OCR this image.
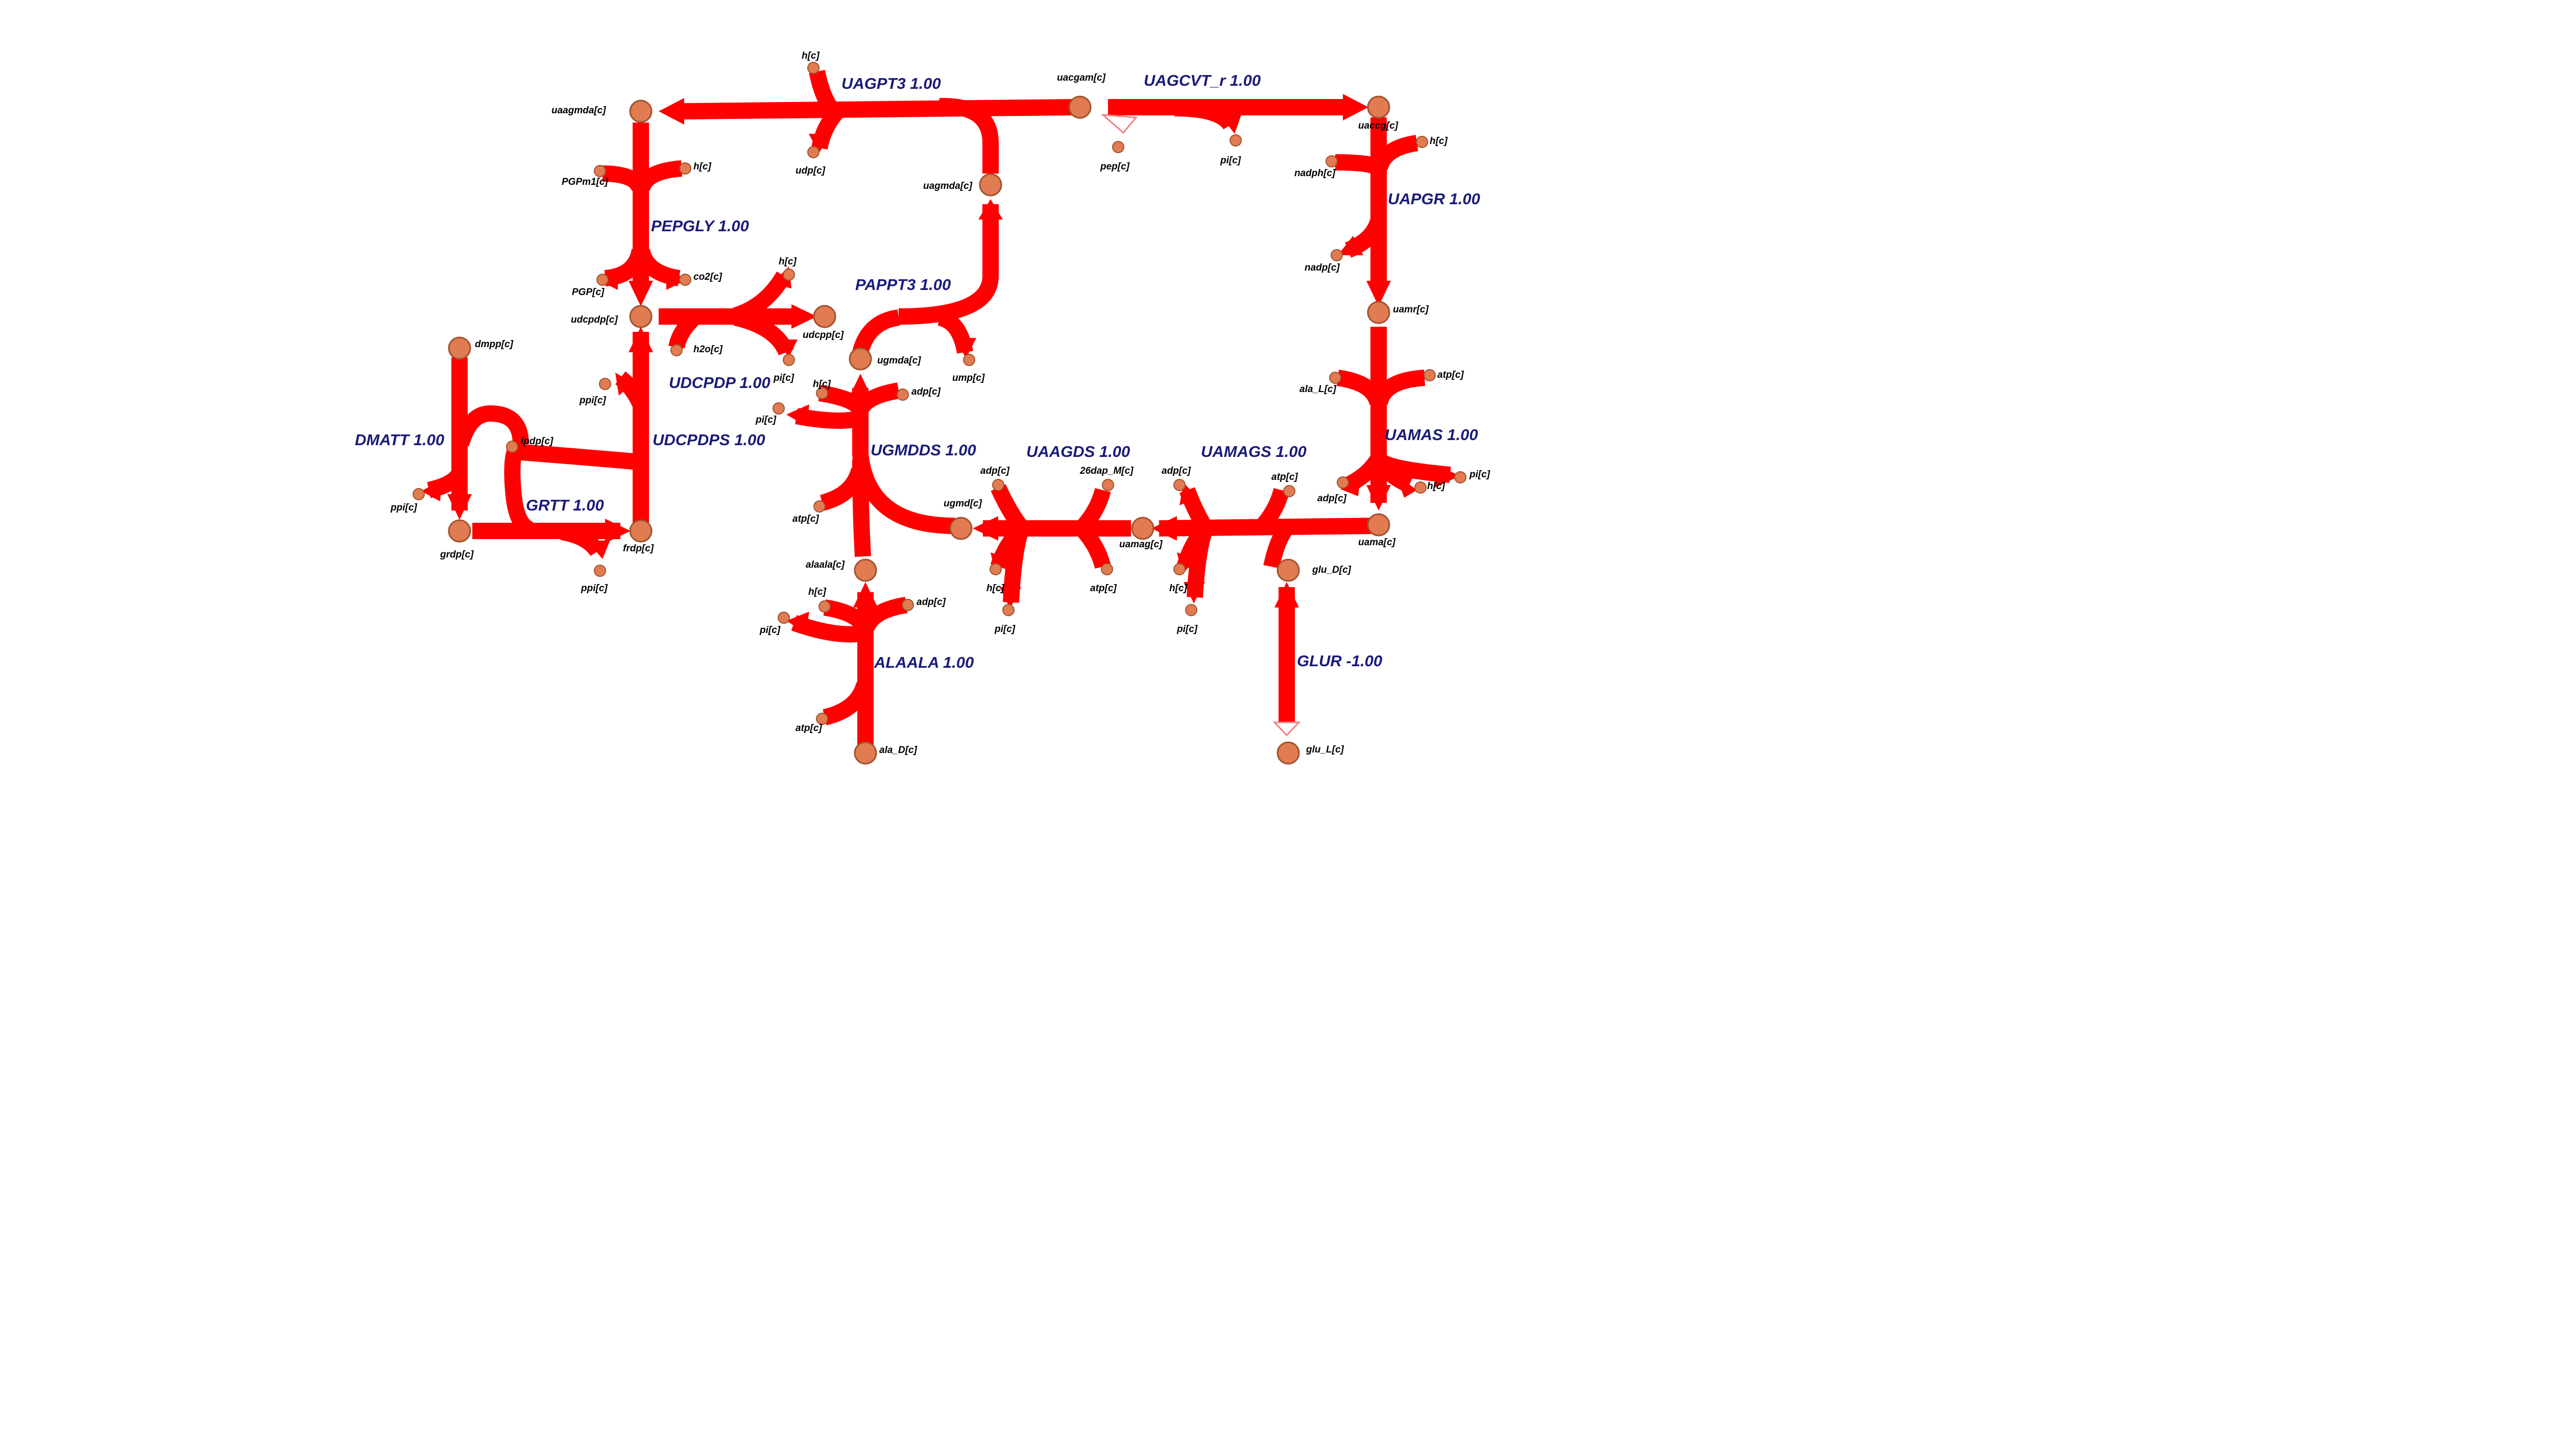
uaagmda[c]
uacgam[c]
uaccg[c]
uagmda[c]
uamr[c]
udcpdp[c]
udcpp[c]
dmpp[c]
ipdp[c]
grdp[c]
frdp[c]
ugmda[c]
ugmd[c]
uamag[c]	uama[c]
alaala[c]
ala_D[c]
glu_D[c]
glu_L[c]
h[c]
udp[c]	pep[c]
pi[c]
h[c]
nadph[c]
nadp[c]
PGPm1[c]
h[c]
PGP[c]
co2[c]
h[c]
ump[c]
h2o[c]
pi[c]
ppi[c]
ppi[c]
ppi[c]
h[c]
adp[c]
pi[c]
atp[c]
ala_L[c]
atp[c]
adp[c]
h[c]
pi[c]
adp[c]	26dap_M[c]
h[c]
pi[c]
atp[c]
adp[c]
atp[c]
h[c]
pi[c]
h[c]
adp[c]
pi[c]
atp[c]
UAGPT3 1.00	UAGCVT_r 1.00
UAPGR 1.00
UAMAS 1.00
PEPGLY 1.00
PAPPT3 1.00
UDCPDP 1.00
UDCPDPS 1.00
DMATT 1.00
GRTT 1.00
UGMDDS 1.00	UAAGDS 1.00	UAMAGS 1.00
ALAALA 1.00	GLUR -1.00
